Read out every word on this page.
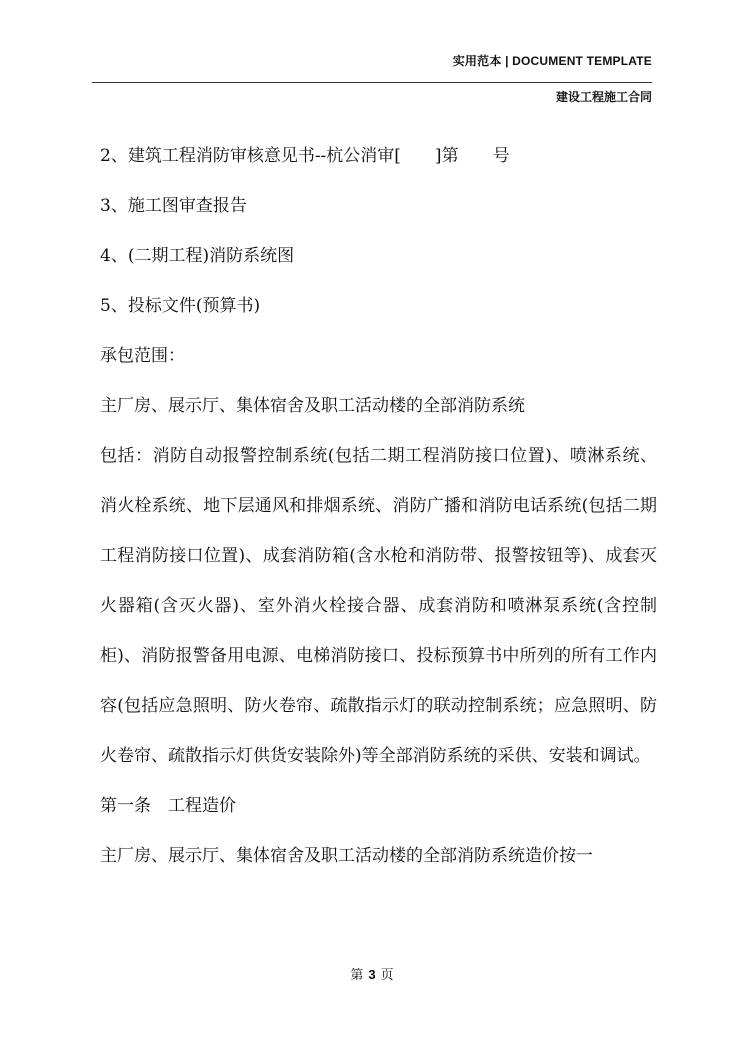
实用范本 | DOCUMENT TEMPLATE
建设工程施工合同

2、建筑工程消防审核意见书--杭公消审[　　]第　　号

3、施工图审查报告

4、(二期工程)消防系统图

5、投标文件(预算书)

承包范围：

主厂房、展示厅、集体宿舍及职工活动楼的全部消防系统

包括：消防自动报警控制系统(包括二期工程消防接口位置)、喷淋系统、消火栓系统、地下层通风和排烟系统、消防广播和消防电话系统(包括二期工程消防接口位置)、成套消防箱(含水枪和消防带、报警按钮等)、成套灭火器箱(含灭火器)、室外消火栓接合器、成套消防和喷淋泵系统(含控制柜)、消防报警备用电源、电梯消防接口、投标预算书中所列的所有工作内容(包括应急照明、防火卷帘、疏散指示灯的联动控制系统；应急照明、防火卷帘、疏散指示灯供货安装除外)等全部消防系统的采供、安装和调试。

第一条　工程造价

主厂房、展示厅、集体宿舍及职工活动楼的全部消防系统造价按一

第 3 页
